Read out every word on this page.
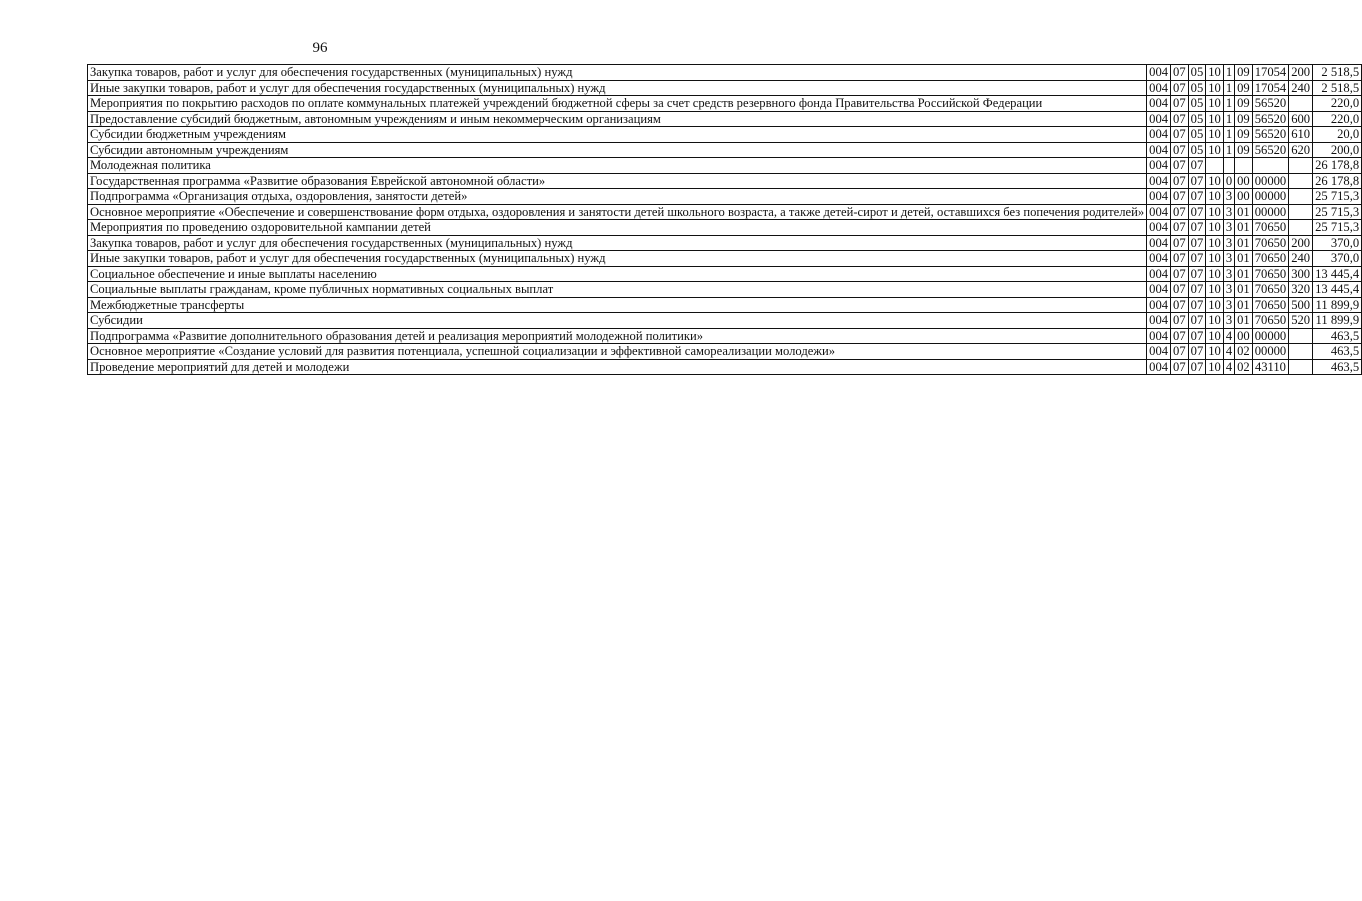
96
Закупка товаров, работ и услуг для обеспечения государственных (муниципальных) нужд	004	07	05	10	1	09	17054	200	2 518,5
Иные закупки товаров, работ и услуг для обеспечения государственных (муниципальных) нужд	004	07	05	10	1	09	17054	240	2 518,5
Мероприятия по покрытию расходов по оплате коммунальных платежей учреждений бюджетной сферы за счет средств резервного фонда Правительства Российской Федерации	004	07	05	10	1	09	56520		220,0
Предоставление субсидий бюджетным, автономным учреждениям и иным некоммерческим организациям	004	07	05	10	1	09	56520	600	220,0
Субсидии бюджетным учреждениям	004	07	05	10	1	09	56520	610	20,0
Субсидии автономным учреждениям	004	07	05	10	1	09	56520	620	200,0
Молодежная политика	004	07	07						26 178,8
Государственная программа «Развитие образования Еврейской автономной области»	004	07	07	10	0	00	00000		26 178,8
Подпрограмма «Организация отдыха, оздоровления, занятости детей»	004	07	07	10	3	00	00000		25 715,3
Основное мероприятие «Обеспечение и совершенствование форм отдыха, оздоровления и занятости детей школьного возраста, а также детей-сирот и детей, оставшихся без попечения родителей»	004	07	07	10	3	01	00000		25 715,3
Мероприятия по проведению оздоровительной кампании детей	004	07	07	10	3	01	70650		25 715,3
Закупка товаров, работ и услуг для обеспечения государственных (муниципальных) нужд	004	07	07	10	3	01	70650	200	370,0
Иные закупки товаров, работ и услуг для обеспечения государственных (муниципальных) нужд	004	07	07	10	3	01	70650	240	370,0
Социальное обеспечение и иные выплаты населению	004	07	07	10	3	01	70650	300	13 445,4
Социальные выплаты гражданам, кроме публичных нормативных социальных выплат	004	07	07	10	3	01	70650	320	13 445,4
Межбюджетные трансферты	004	07	07	10	3	01	70650	500	11 899,9
Субсидии	004	07	07	10	3	01	70650	520	11 899,9
Подпрограмма «Развитие дополнительного образования детей и реализация мероприятий молодежной политики»	004	07	07	10	4	00	00000		463,5
Основное мероприятие «Создание условий для развития потенциала, успешной социализации и эффективной самореализации молодежи»	004	07	07	10	4	02	00000		463,5
Проведение мероприятий для детей и молодежи	004	07	07	10	4	02	43110		463,5
